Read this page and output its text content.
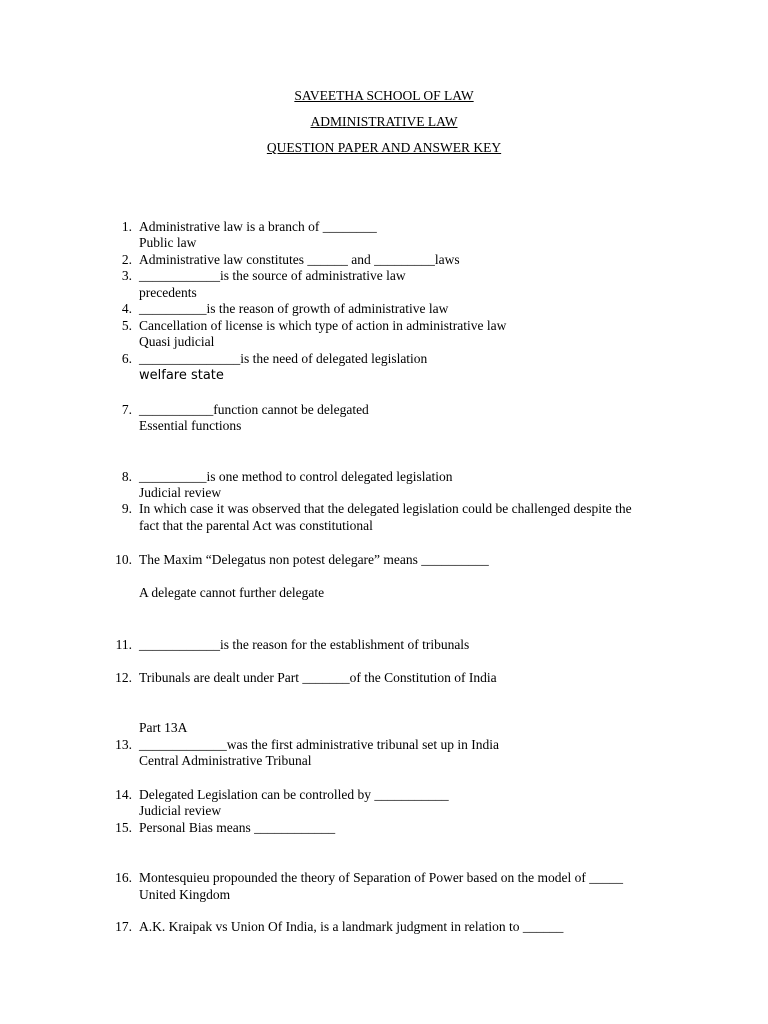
SAVEETHA SCHOOL OF LAW
ADMINISTRATIVE LAW
QUESTION PAPER AND ANSWER KEY
1. Administrative law is a branch of ________
Public law
2. Administrative law constitutes ______ and _________laws
3. ____________is the source of administrative law
precedents
4. __________is the reason of growth of administrative law
5. Cancellation of license is which type of action in administrative law
Quasi judicial
6. _______________is the need of delegated legislation
welfare state
7. ___________function cannot be delegated
Essential functions
8. __________is one method to control delegated legislation
Judicial review
9. In which case it was observed that the delegated legislation could be challenged despite the
fact that the parental Act was constitutional
10. The Maxim “Delegatus non potest delegare” means __________
A delegate cannot further delegate
11. ____________is the reason for the establishment of tribunals
12. Tribunals are dealt under Part _______of the Constitution of India
Part 13A
13. _____________was the first administrative tribunal set up in India
Central Administrative Tribunal
14. Delegated Legislation can be controlled by ___________
Judicial review
15. Personal Bias means ____________
16. Montesquieu propounded the theory of Separation of Power based on the model of _____
United Kingdom
17. A.K. Kraipak vs Union Of India, is a landmark judgment in relation to ______
